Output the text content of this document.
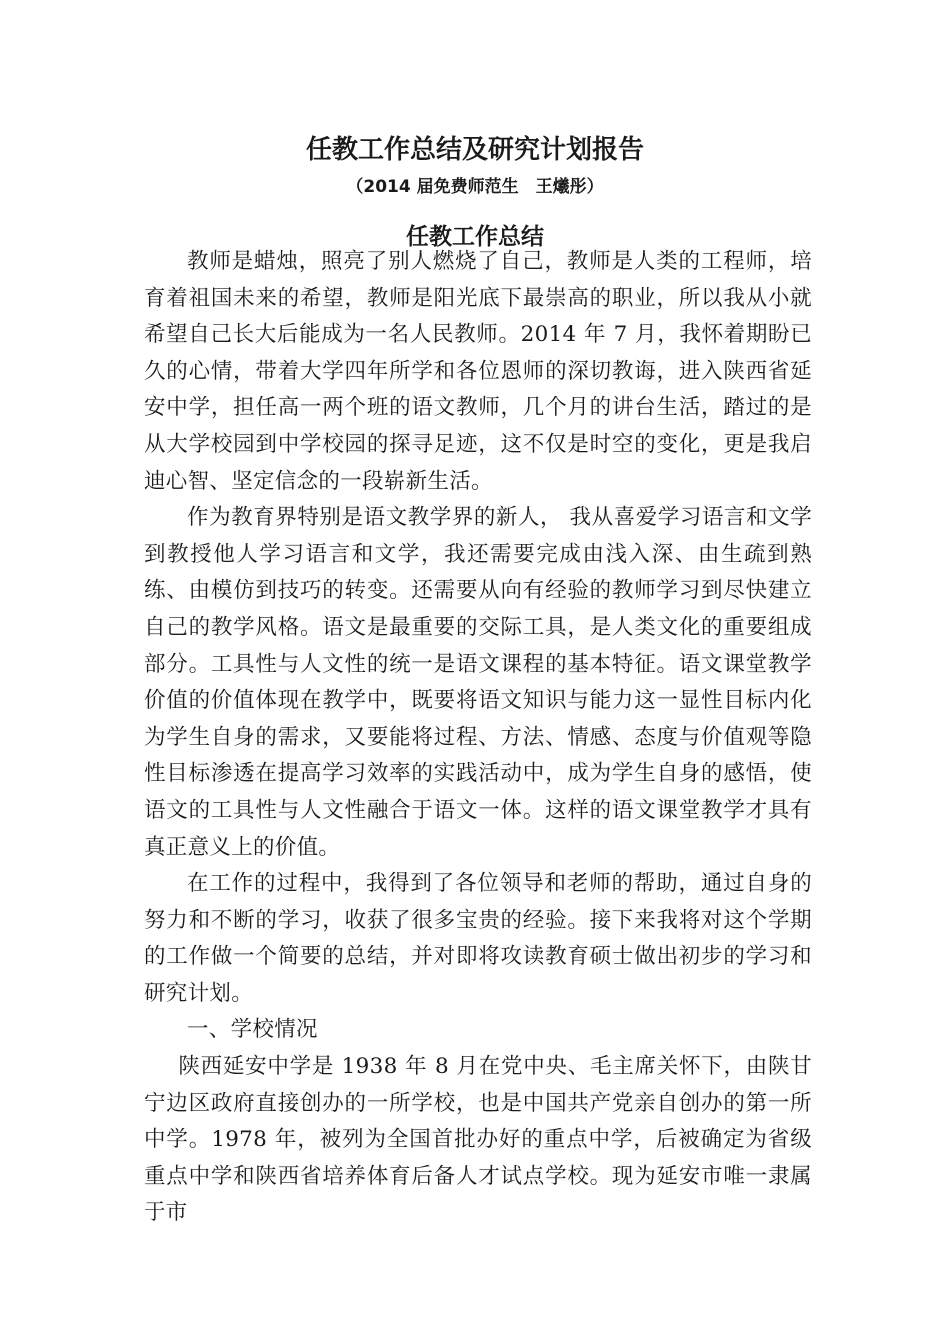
任教工作总结及研究计划报告
（2014 届免费师范生　王爔彤）
任教工作总结

教师是蜡烛，照亮了别人燃烧了自己，教师是人类的工程师，培育着祖国未来的希望，教师是阳光底下最崇高的职业，所以我从小就希望自己长大后能成为一名人民教师。2014 年 7 月，我怀着期盼已久的心情，带着大学四年所学和各位恩师的深切教诲，进入陕西省延安中学，担任高一两个班的语文教师，几个月的讲台生活，踏过的是从大学校园到中学校园的探寻足迹，这不仅是时空的变化，更是我启迪心智、坚定信念的一段崭新生活。

作为教育界特别是语文教学界的新人， 我从喜爱学习语言和文学到教授他人学习语言和文学，我还需要完成由浅入深、由生疏到熟练、由模仿到技巧的转变。还需要从向有经验的教师学习到尽快建立自己的教学风格。语文是最重要的交际工具，是人类文化的重要组成部分。工具性与人文性的统一是语文课程的基本特征。语文课堂教学价值的价值体现在教学中，既要将语文知识与能力这一显性目标内化为学生自身的需求，又要能将过程、方法、情感、态度与价值观等隐性目标渗透在提高学习效率的实践活动中，成为学生自身的感悟，使语文的工具性与人文性融合于语文一体。这样的语文课堂教学才具有真正意义上的价值。

在工作的过程中，我得到了各位领导和老师的帮助，通过自身的努力和不断的学习，收获了很多宝贵的经验。接下来我将对这个学期的工作做一个简要的总结，并对即将攻读教育硕士做出初步的学习和研究计划。

一、学校情况

陕西延安中学是 1938 年 8 月在党中央、毛主席关怀下，由陕甘宁边区政府直接创办的一所学校，也是中国共产党亲自创办的第一所中学。1978 年，被列为全国首批办好的重点中学，后被确定为省级重点中学和陕西省培养体育后备人才试点学校。现为延安市唯一隶属于市
